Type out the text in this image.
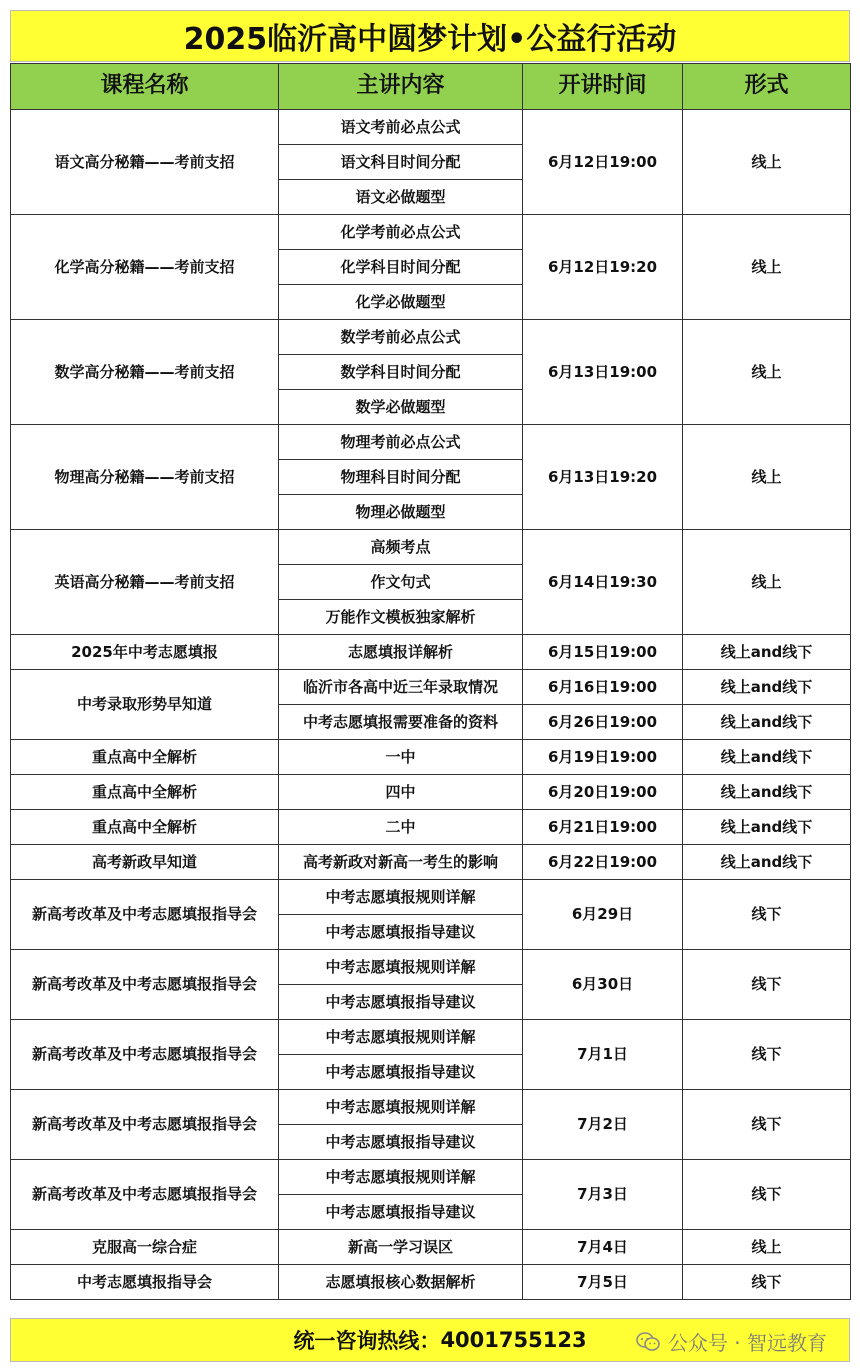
2025临沂高中圆梦计划•公益行活动
课程名称	主讲内容	开讲时间	形式
语文高分秘籍——考前支招	语文考前必点公式	6月12日19:00	线上
	语文科目时间分配		
	语文必做题型		
化学高分秘籍——考前支招	化学考前必点公式	6月12日19:20	线上
	化学科目时间分配		
	化学必做题型		
数学高分秘籍——考前支招	数学考前必点公式	6月13日19:00	线上
	数学科目时间分配		
	数学必做题型		
物理高分秘籍——考前支招	物理考前必点公式	6月13日19:20	线上
	物理科目时间分配		
	物理必做题型		
英语高分秘籍——考前支招	高频考点	6月14日19:30	线上
	作文句式		
	万能作文模板独家解析		
2025年中考志愿填报	志愿填报详解析	6月15日19:00	线上and线下
中考录取形势早知道	临沂市各高中近三年录取情况	6月16日19:00	线上and线下
	中考志愿填报需要准备的资料	6月26日19:00	线上and线下
重点高中全解析	一中	6月19日19:00	线上and线下
重点高中全解析	四中	6月20日19:00	线上and线下
重点高中全解析	二中	6月21日19:00	线上and线下
高考新政早知道	高考新政对新高一考生的影响	6月22日19:00	线上and线下
新高考改革及中考志愿填报指导会	中考志愿填报规则详解	6月29日	线下
	中考志愿填报指导建议		
新高考改革及中考志愿填报指导会	中考志愿填报规则详解	6月30日	线下
	中考志愿填报指导建议		
新高考改革及中考志愿填报指导会	中考志愿填报规则详解	7月1日	线下
	中考志愿填报指导建议		
新高考改革及中考志愿填报指导会	中考志愿填报规则详解	7月2日	线下
	中考志愿填报指导建议		
新高考改革及中考志愿填报指导会	中考志愿填报规则详解	7月3日	线下
	中考志愿填报指导建议		
克服高一综合症	新高一学习误区	7月4日	线上
中考志愿填报指导会	志愿填报核心数据解析	7月5日	线下
统一咨询热线： 4001755123	公众号 · 智远教育
